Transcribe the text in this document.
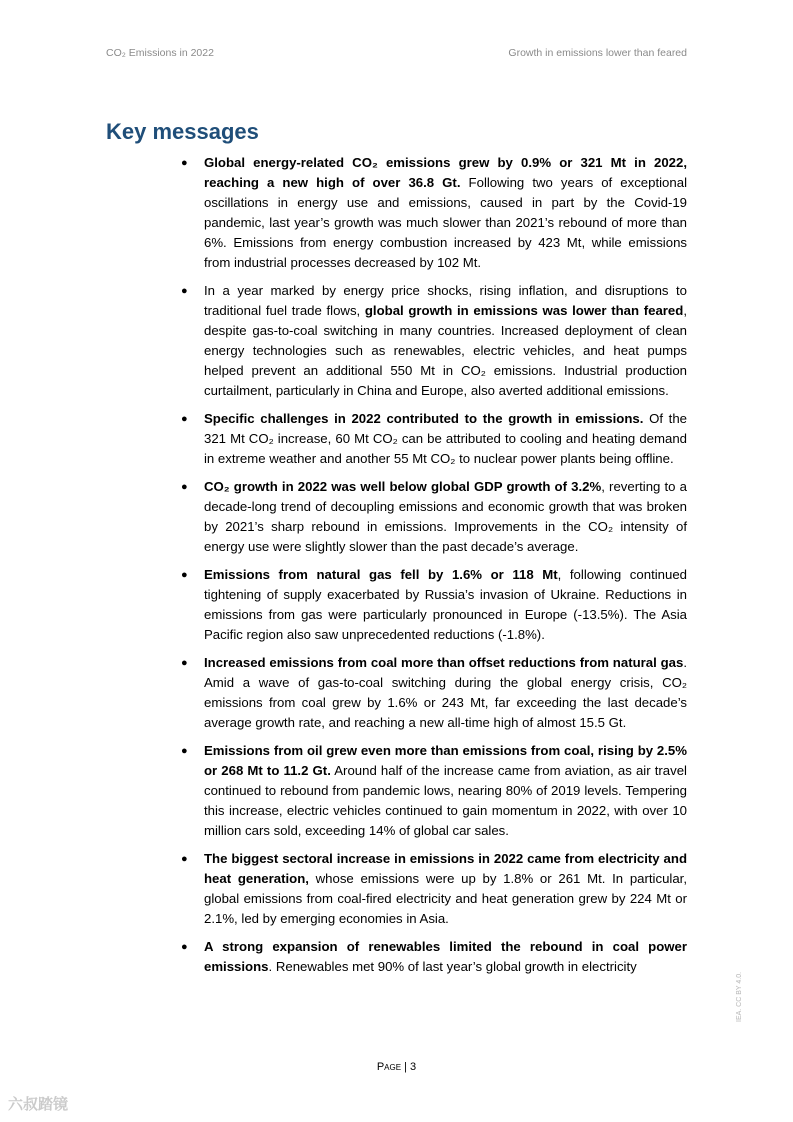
CO₂ Emissions in 2022	Growth in emissions lower than feared
Key messages
● Global energy-related CO₂ emissions grew by 0.9% or 321 Mt in 2022, reaching a new high of over 36.8 Gt. Following two years of exceptional oscillations in energy use and emissions, caused in part by the Covid-19 pandemic, last year’s growth was much slower than 2021’s rebound of more than 6%. Emissions from energy combustion increased by 423 Mt, while emissions from industrial processes decreased by 102 Mt.
● In a year marked by energy price shocks, rising inflation, and disruptions to traditional fuel trade flows, global growth in emissions was lower than feared, despite gas-to-coal switching in many countries. Increased deployment of clean energy technologies such as renewables, electric vehicles, and heat pumps helped prevent an additional 550 Mt in CO₂ emissions. Industrial production curtailment, particularly in China and Europe, also averted additional emissions.
● Specific challenges in 2022 contributed to the growth in emissions. Of the 321 Mt CO₂ increase, 60 Mt CO₂ can be attributed to cooling and heating demand in extreme weather and another 55 Mt CO₂ to nuclear power plants being offline.
● CO₂ growth in 2022 was well below global GDP growth of 3.2%, reverting to a decade-long trend of decoupling emissions and economic growth that was broken by 2021’s sharp rebound in emissions. Improvements in the CO₂ intensity of energy use were slightly slower than the past decade’s average.
● Emissions from natural gas fell by 1.6% or 118 Mt, following continued tightening of supply exacerbated by Russia’s invasion of Ukraine. Reductions in emissions from gas were particularly pronounced in Europe (-13.5%). The Asia Pacific region also saw unprecedented reductions (-1.8%).
● Increased emissions from coal more than offset reductions from natural gas. Amid a wave of gas-to-coal switching during the global energy crisis, CO₂ emissions from coal grew by 1.6% or 243 Mt, far exceeding the last decade’s average growth rate, and reaching a new all-time high of almost 15.5 Gt.
● Emissions from oil grew even more than emissions from coal, rising by 2.5% or 268 Mt to 11.2 Gt. Around half of the increase came from aviation, as air travel continued to rebound from pandemic lows, nearing 80% of 2019 levels. Tempering this increase, electric vehicles continued to gain momentum in 2022, with over 10 million cars sold, exceeding 14% of global car sales.
● The biggest sectoral increase in emissions in 2022 came from electricity and heat generation, whose emissions were up by 1.8% or 261 Mt. In particular, global emissions from coal-fired electricity and heat generation grew by 224 Mt or 2.1%, led by emerging economies in Asia.
● A strong expansion of renewables limited the rebound in coal power emissions. Renewables met 90% of last year’s global growth in electricity
Page | 3
IEA. CC BY 4.0.
六叔踏镜
